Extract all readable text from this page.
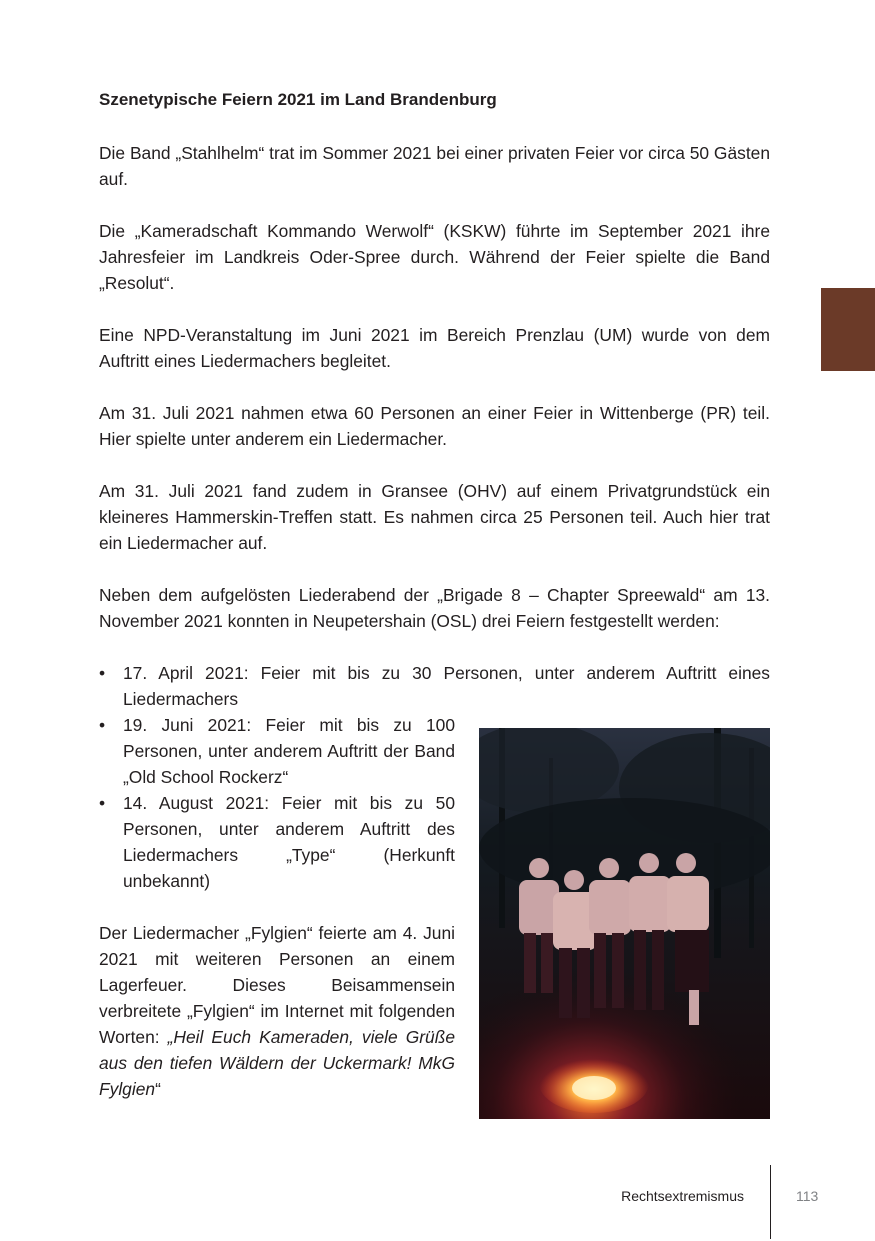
Szenetypische Feiern 2021 im Land Brandenburg

Die Band „Stahlhelm“ trat im Sommer 2021 bei einer privaten Feier vor circa 50 Gästen auf.

Die „Kameradschaft Kommando Werwolf“ (KSKW) führte im September 2021 ihre Jahresfeier im Landkreis Oder-Spree durch. Während der Feier spielte die Band „Resolut“.

Eine NPD-Veranstaltung im Juni 2021 im Bereich Prenzlau (UM) wurde von dem Auftritt eines Liedermachers begleitet.

Am 31. Juli 2021 nahmen etwa 60 Personen an einer Feier in Wittenberge (PR) teil. Hier spielte unter anderem ein Liedermacher.

Am 31. Juli 2021 fand zudem in Gransee (OHV) auf einem Privatgrundstück ein kleineres Hammerskin-Treffen statt. Es nahmen circa 25 Personen teil. Auch hier trat ein Liedermacher auf.

Neben dem aufgelösten Liederabend der „Brigade 8 – Chapter Spreewald“ am 13. November 2021 konnten in Neupetershain (OSL) drei Feiern festgestellt werden:

• 17. April 2021: Feier mit bis zu 30 Personen, unter anderem Auftritt eines Liedermachers
• 19. Juni 2021: Feier mit bis zu 100 Personen, unter anderem Auftritt der Band „Old School Rockerz“
• 14. August 2021: Feier mit bis zu 50 Personen, unter anderem Auftritt des Liedermachers „Type“ (Herkunft unbekannt)

Der Liedermacher „Fylgien“ feierte am 4. Juni 2021 mit weiteren Personen an einem Lagerfeuer. Dieses Beisammensein verbreitete „Fylgien“ im Internet mit folgenden Worten: „Heil Euch Kameraden, viele Grüße aus den tiefen Wäldern der Uckermark! MkG Fylgien“

Rechtsextremismus	113
